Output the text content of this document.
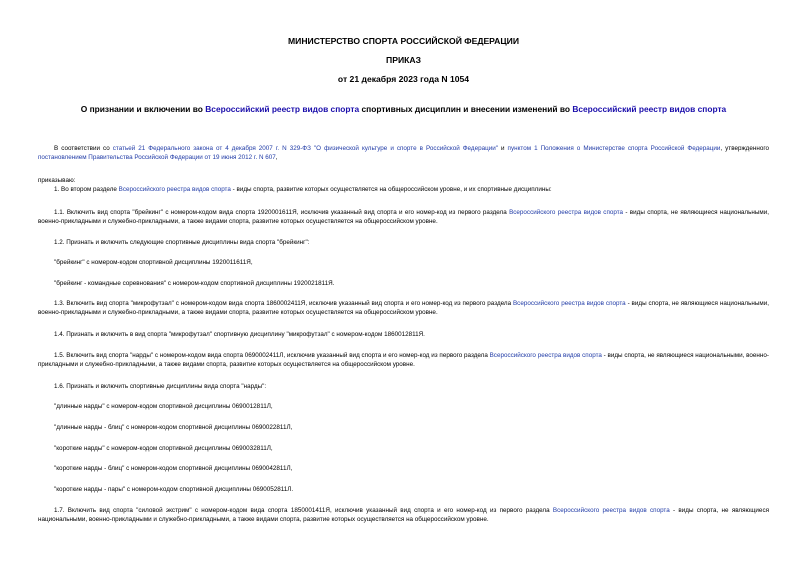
МИНИСТЕРСТВО СПОРТА РОССИЙСКОЙ ФЕДЕРАЦИИ
ПРИКАЗ
от 21 декабря 2023 года N 1054
О признании и включении во Всероссийский реестр видов спорта спортивных дисциплин и внесении изменений во Всероссийский реестр видов спорта

В соответствии со статьей 21 Федерального закона от 4 декабря 2007 г. N 329-ФЗ "О физической культуре и спорте в Российской Федерации" и пунктом 1 Положения о Министерстве спорта Российской Федерации, утвержденного постановлением Правительства Российской Федерации от 19 июня 2012 г. N 607,

приказываю:

1. Во втором разделе Всероссийского реестра видов спорта - виды спорта, развитие которых осуществляется на общероссийском уровне, и их спортивные дисциплины:

1.1. Включить вид спорта "брейкинг" с номером-кодом вида спорта 1920001611Я, исключив указанный вид спорта и его номер-код из первого раздела Всероссийского реестра видов спорта - виды спорта, не являющиеся национальными, военно-прикладными и служебно-прикладными, а также видами спорта, развитие которых осуществляется на общероссийском уровне.

1.2. Признать и включить следующие спортивные дисциплины вида спорта "брейкинг":

"брейкинг" с номером-кодом спортивной дисциплины 1920011611Я,

"брейкинг - командные соревнования" с номером-кодом спортивной дисциплины 1920021811Я.

1.3. Включить вид спорта "микрофутзал" с номером-кодом вида спорта 1860002411Я, исключив указанный вид спорта и его номер-код из первого раздела Всероссийского реестра видов спорта - виды спорта, не являющиеся национальными, военно-прикладными и служебно-прикладными, а также видами спорта, развитие которых осуществляется на общероссийском уровне.

1.4. Признать и включить в вид спорта "микрофутзал" спортивную дисциплину "микрофутзал" с номером-кодом 1860012811Я.

1.5. Включить вид спорта "нарды" с номером-кодом вида спорта 0690002411Л, исключив указанный вид спорта и его номер-код из первого раздела Всероссийского реестра видов спорта - виды спорта, не являющиеся национальными, военно-прикладными и служебно-прикладными, а также видами спорта, развитие которых осуществляется на общероссийском уровне.

1.6. Признать и включить спортивные дисциплины вида спорта "нарды":

"длинные нарды" с номером-кодом спортивной дисциплины 0690012811Л,

"длинные нарды - блиц" с номером-кодом спортивной дисциплины 0690022811Л,

"короткие нарды" с номером-кодом спортивной дисциплины 0690032811Л,

"короткие нарды - блиц" с номером-кодом спортивной дисциплины 0690042811Л,

"короткие нарды - пары" с номером-кодом спортивной дисциплины 0690052811Л.

1.7. Включить вид спорта "силовой экстрим" с номером-кодом вида спорта 1850001411Я, исключив указанный вид спорта и его номер-код из первого раздела Всероссийского реестра видов спорта - виды спорта, не являющиеся национальными, военно-прикладными и служебно-прикладными, а также видами спорта, развитие которых осуществляется на общероссийском уровне.
